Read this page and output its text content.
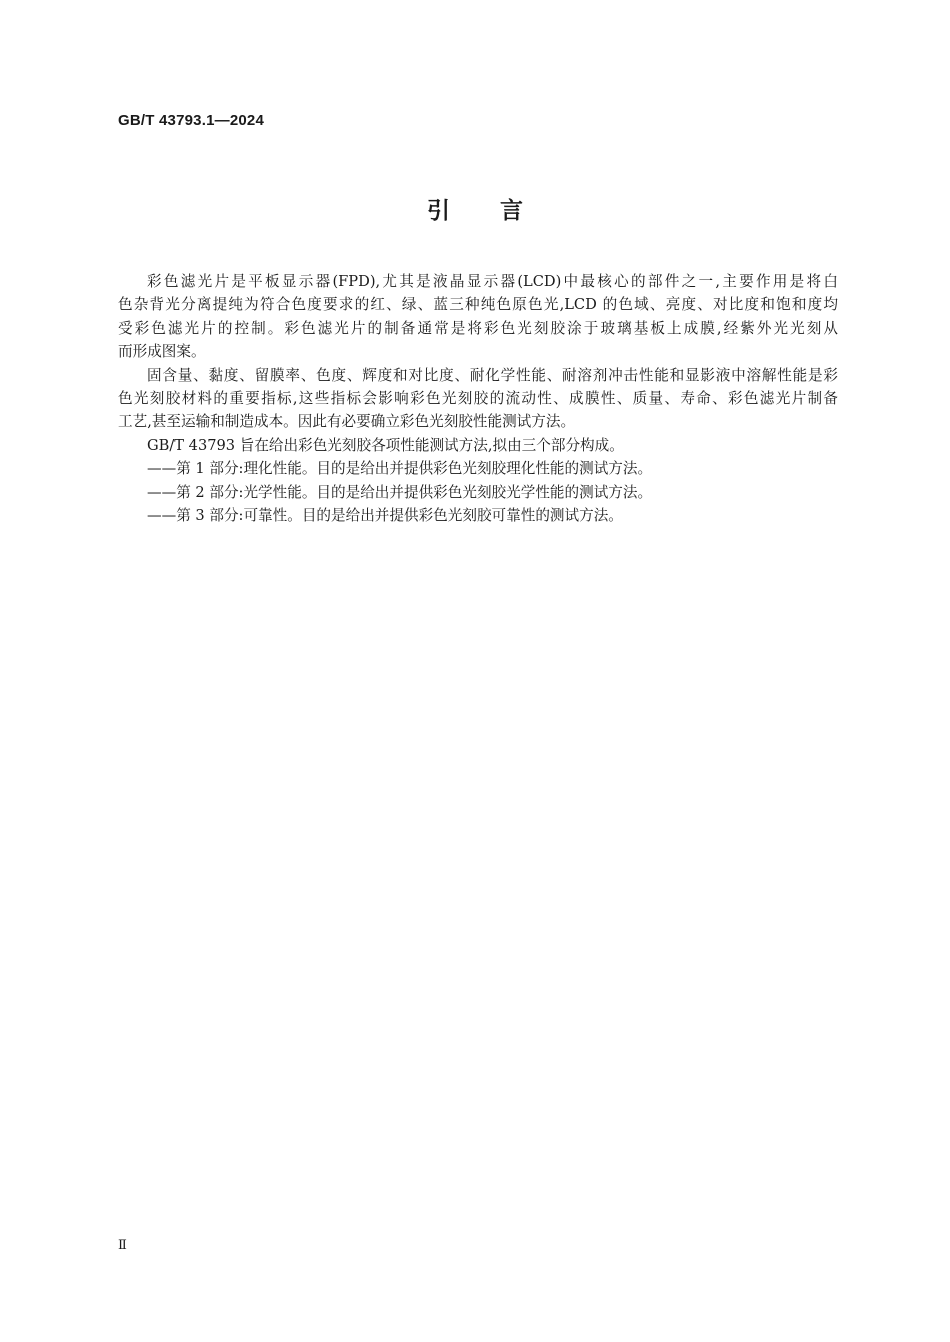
GB/T 43793.1—2024
引言

彩色滤光片是平板显示器(FPD),尤其是液晶显示器(LCD)中最核心的部件之一,主要作用是将白
色杂背光分离提纯为符合色度要求的红、绿、蓝三种纯色原色光,LCD 的色域、亮度、对比度和饱和度均
受彩色滤光片的控制。彩色滤光片的制备通常是将彩色光刻胶涂于玻璃基板上成膜,经紫外光光刻从
而形成图案。

固含量、黏度、留膜率、色度、辉度和对比度、耐化学性能、耐溶剂冲击性能和显影液中溶解性能是彩
色光刻胶材料的重要指标,这些指标会影响彩色光刻胶的流动性、成膜性、质量、寿命、彩色滤光片制备
工艺,甚至运输和制造成本。因此有必要确立彩色光刻胶性能测试方法。

GB/T 43793 旨在给出彩色光刻胶各项性能测试方法,拟由三个部分构成。

——第 1 部分:理化性能。目的是给出并提供彩色光刻胶理化性能的测试方法。

——第 2 部分:光学性能。目的是给出并提供彩色光刻胶光学性能的测试方法。

——第 3 部分:可靠性。目的是给出并提供彩色光刻胶可靠性的测试方法。

Ⅱ
